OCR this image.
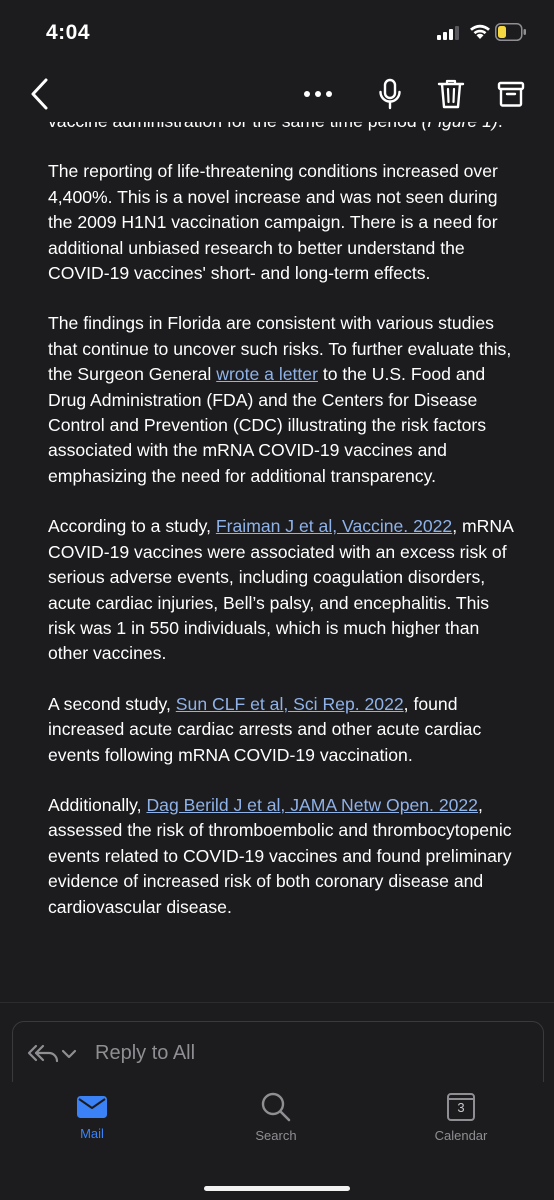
4:04

The reporting of life-threatening conditions increased over 4,400%. This is a novel increase and was not seen during the 2009 H1N1 vaccination campaign. There is a need for additional unbiased research to better understand the COVID-19 vaccines' short- and long-term effects.

The findings in Florida are consistent with various studies that continue to uncover such risks. To further evaluate this, the Surgeon General wrote a letter to the U.S. Food and Drug Administration (FDA) and the Centers for Disease Control and Prevention (CDC) illustrating the risk factors associated with the mRNA COVID-19 vaccines and emphasizing the need for additional transparency.

According to a study, Fraiman J et al, Vaccine. 2022, mRNA COVID-19 vaccines were associated with an excess risk of serious adverse events, including coagulation disorders, acute cardiac injuries, Bell’s palsy, and encephalitis. This risk was 1 in 550 individuals, which is much higher than other vaccines.

A second study, Sun CLF et al, Sci Rep. 2022, found increased acute cardiac arrests and other acute cardiac events following mRNA COVID-19 vaccination.

Additionally, Dag Berild J et al, JAMA Netw Open. 2022, assessed the risk of thromboembolic and thrombocytopenic events related to COVID-19 vaccines and found preliminary evidence of increased risk of both coronary disease and cardiovascular disease.

Reply to All
Mail	Search
3
Calendar
